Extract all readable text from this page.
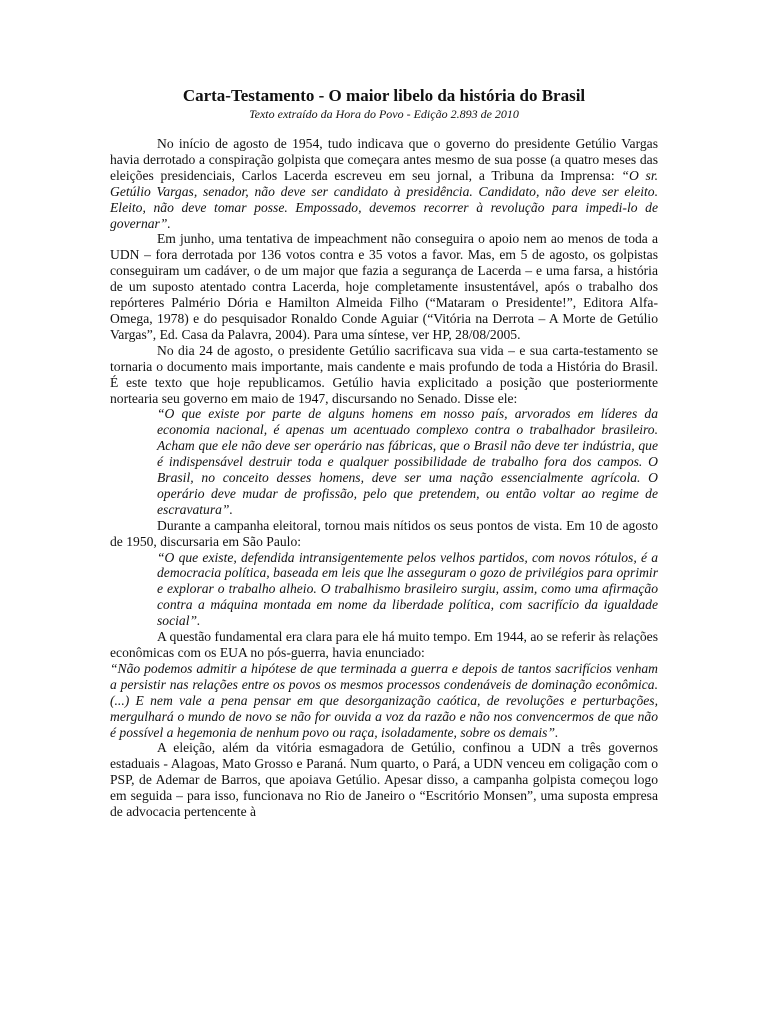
Carta-Testamento - O maior libelo da história do Brasil
Texto extraído da Hora do Povo - Edição 2.893 de 2010

No início de agosto de 1954, tudo indicava que o governo do presidente Getúlio Vargas havia derrotado a conspiração golpista que começara antes mesmo de sua posse (a quatro meses das eleições presidenciais, Carlos Lacerda escreveu em seu jornal, a Tribuna da Imprensa: “O sr. Getúlio Vargas, senador, não deve ser candidato à presidência. Candidato, não deve ser eleito. Eleito, não deve tomar posse. Empossado, devemos recorrer à revolução para impedi-lo de governar”.

Em junho, uma tentativa de impeachment não conseguira o apoio nem ao menos de toda a UDN – fora derrotada por 136 votos contra e 35 votos a favor. Mas, em 5 de agosto, os golpistas conseguiram um cadáver, o de um major que fazia a segurança de Lacerda – e uma farsa, a história de um suposto atentado contra Lacerda, hoje completamente insustentável, após o trabalho dos repórteres Palmério Dória e Hamilton Almeida Filho (“Mataram o Presidente!”, Editora Alfa-Omega, 1978) e do pesquisador Ronaldo Conde Aguiar (“Vitória na Derrota – A Morte de Getúlio Vargas”, Ed. Casa da Palavra, 2004). Para uma síntese, ver HP, 28/08/2005.

No dia 24 de agosto, o presidente Getúlio sacrificava sua vida – e sua carta-testamento se tornaria o documento mais importante, mais candente e mais profundo de toda a História do Brasil. É este texto que hoje republicamos. Getúlio havia explicitado a posição que posteriormente nortearia seu governo em maio de 1947, discursando no Senado. Disse ele:

“O que existe por parte de alguns homens em nosso país, arvorados em líderes da economia nacional, é apenas um acentuado complexo contra o trabalhador brasileiro. Acham que ele não deve ser operário nas fábricas, que o Brasil não deve ter indústria, que é indispensável destruir toda e qualquer possibilidade de trabalho fora dos campos. O Brasil, no conceito desses homens, deve ser uma nação essencialmente agrícola. O operário deve mudar de profissão, pelo que pretendem, ou então voltar ao regime de escravatura”.

Durante a campanha eleitoral, tornou mais nítidos os seus pontos de vista. Em 10 de agosto de 1950, discursaria em São Paulo:

“O que existe, defendida intransigentemente pelos velhos partidos, com novos rótulos, é a democracia política, baseada em leis que lhe asseguram o gozo de privilégios para oprimir e explorar o trabalho alheio. O trabalhismo brasileiro surgiu, assim, como uma afirmação contra a máquina montada em nome da liberdade política, com sacrifício da igualdade social”.

A questão fundamental era clara para ele há muito tempo. Em 1944, ao se referir às relações econômicas com os EUA no pós-guerra, havia enunciado:

“Não podemos admitir a hipótese de que terminada a guerra e depois de tantos sacrifícios venham a persistir nas relações entre os povos os mesmos processos condenáveis de dominação econômica. (...) E nem vale a pena pensar em que desorganização caótica, de revoluções e perturbações, mergulhará o mundo de novo se não for ouvida a voz da razão e não nos convencermos de que não é possível a hegemonia de nenhum povo ou raça, isoladamente, sobre os demais”.

A eleição, além da vitória esmagadora de Getúlio, confinou a UDN a três governos estaduais - Alagoas, Mato Grosso e Paraná. Num quarto, o Pará, a UDN venceu em coligação com o PSP, de Ademar de Barros, que apoiava Getúlio. Apesar disso, a campanha golpista começou logo em seguida – para isso, funcionava no Rio de Janeiro o “Escritório Monsen”, uma suposta empresa de advocacia pertencente à
